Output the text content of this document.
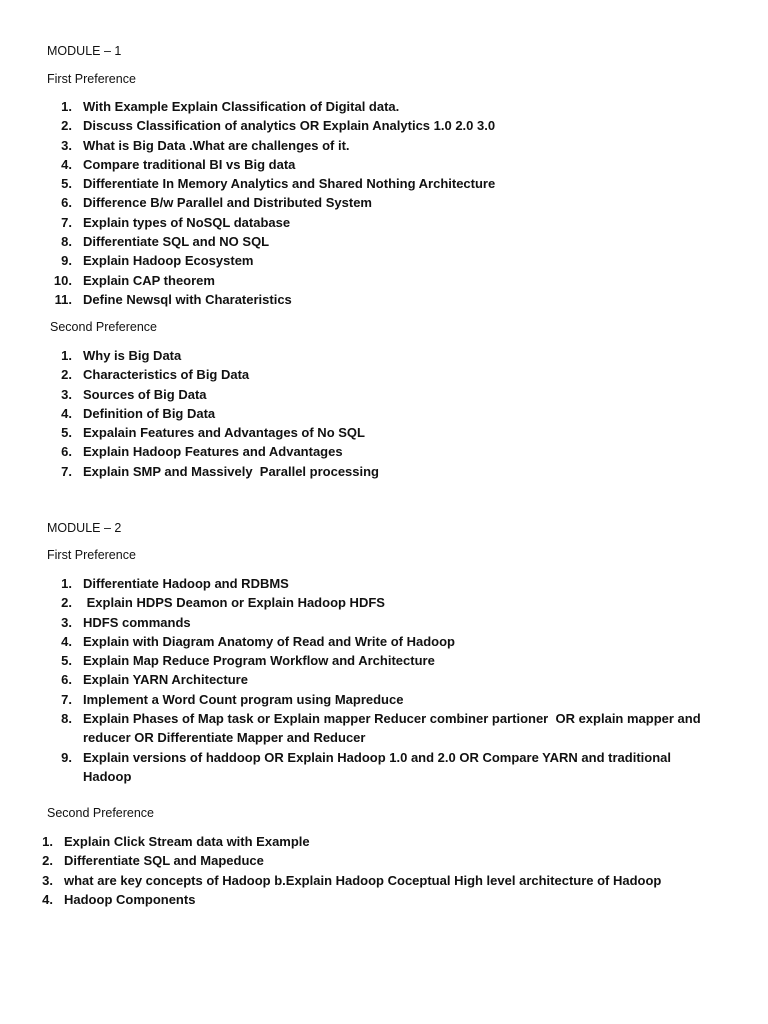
MODULE – 1
First Preference
1. With Example Explain Classification of Digital data.
2. Discuss Classification of analytics OR Explain Analytics 1.0 2.0 3.0
3. What is Big Data .What are challenges of it.
4. Compare traditional BI vs Big data
5. Differentiate In Memory Analytics and Shared Nothing Architecture
6. Difference B/w Parallel and Distributed System
7. Explain types of NoSQL database
8. Differentiate SQL and NO SQL
9. Explain Hadoop Ecosystem
10. Explain CAP theorem
11. Define Newsql with Charateristics
Second Preference
1. Why is Big Data
2. Characteristics of Big Data
3. Sources of Big Data
4. Definition of Big Data
5. Expalain Features and Advantages of No SQL
6. Explain Hadoop Features and Advantages
7. Explain SMP and Massively  Parallel processing
MODULE – 2
First Preference
1. Differentiate Hadoop and RDBMS
2. Explain HDPS Deamon or Explain Hadoop HDFS
3. HDFS commands
4. Explain with Diagram Anatomy of Read and Write of Hadoop
5. Explain Map Reduce Program Workflow and Architecture
6. Explain YARN Architecture
7. Implement a Word Count program using Mapreduce
8. Explain Phases of Map task or Explain mapper Reducer combiner partioner  OR explain mapper and reducer OR Differentiate Mapper and Reducer
9. Explain versions of haddoop OR Explain Hadoop 1.0 and 2.0 OR Compare YARN and traditional Hadoop
Second Preference
1. Explain Click Stream data with Example
2. Differentiate SQL and Mapeduce
3. what are key concepts of Hadoop b.Explain Hadoop Coceptual High level architecture of Hadoop
4. Hadoop Components
